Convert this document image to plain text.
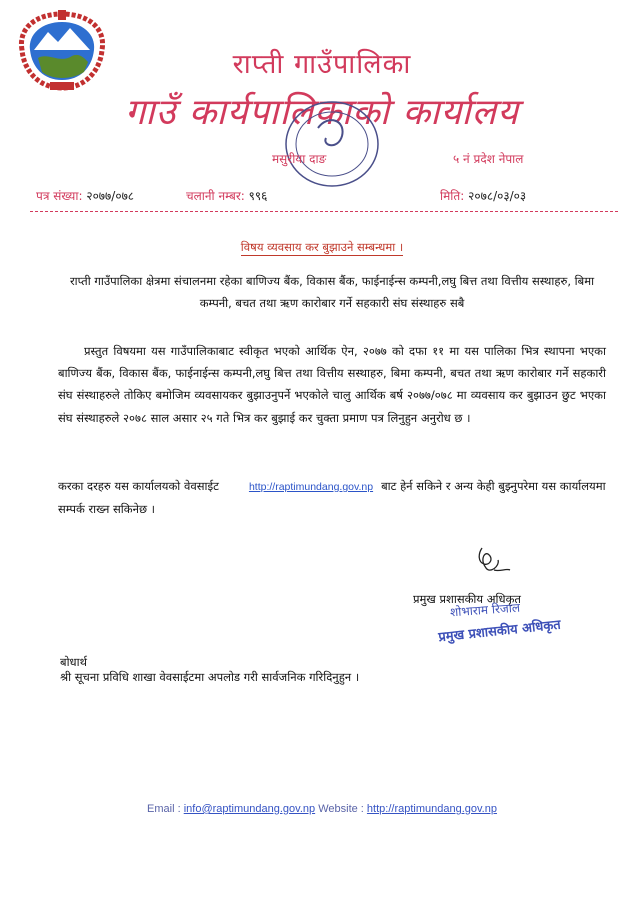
राप्ती गाउँपालिका
गाउँ कार्यपालिकाको कार्यालय
मसुरीया दाङ	५ नं प्रदेश नेपाल
पत्र संख्या: २०७७/०७८	चलानी नम्बर: ९९६	मिति: २०७८/०३/०३
विषय व्यवसाय कर बुझाउने सम्बन्धमा ।
राप्ती गाउँपालिका क्षेत्रमा संचालनमा रहेका बाणिज्य बैंक, विकास बैंक, फाईनाईन्स कम्पनी,लघु बित्त तथा वित्तीय सस्थाहरु, बिमा कम्पनी, बचत तथा ऋण कारोबार गर्ने सहकारी संघ संस्थाहरु सबै

प्रस्तुत विषयमा यस गाउँपालिकाबाट स्वीकृत भएको आर्थिक ऐन, २०७७ को दफा ११ मा यस पालिका भित्र स्थापना भएका बाणिज्य बैंक, विकास बैंक, फाईनाईन्स कम्पनी,लघु बित्त तथा वित्तीय सस्थाहरु, बिमा कम्पनी, बचत तथा ऋण कारोबार गर्ने सहकारी संघ संस्थाहरुले तोकिए बमोजिम व्यवसायकर बुझाउनुपर्ने भएकोले चालु आर्थिक बर्ष २०७७/०७८ मा व्यवसाय कर बुझाउन छुट भएका संघ संस्थाहरुले २०७८ साल असार २५ गते भित्र कर बुझाई कर चुक्ता प्रमाण पत्र लिनुहुन अनुरोध छ ।

करका दरहरु यस कार्यालयको वेवसाईट	http://raptimundang.gov.np बाट हेर्न सकिने र अन्य केही बुझ्नुपरेमा यस कार्यालयमा सम्पर्क राख्न सकिनेछ ।
प्रमुख प्रशासकीय अधिकृत
शोभाराम रिजाल
प्रमुख प्रशासकीय अधिकृत
बोधार्थ
श्री सूचना प्रविधि शाखा वेवसाईटमा अपलोड गरी सार्वजनिक गरिदिनुहुन ।
Email : info@raptimundang.gov.np Website : http://raptimundang.gov.np
